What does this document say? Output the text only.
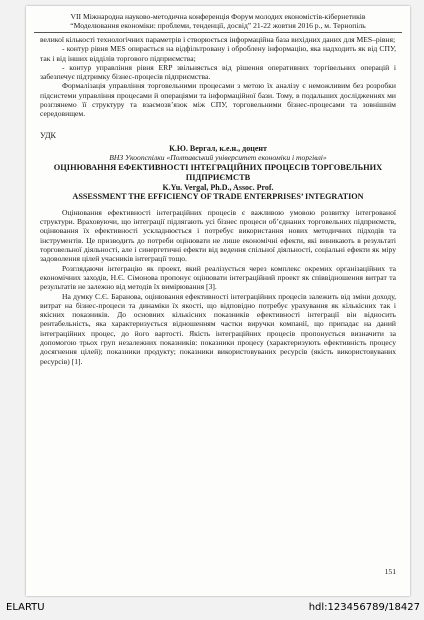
VII Міжнародна науково-методична конференція Форум молодих економістів-кібернетиків
“Моделювання економіки: проблеми, тенденції, досвід” 21-22 жовтня 2016 р., м. Тернопіль

великої кількості технологічних параметрів і створюється інформаційна база вихідних даних для MES–рівня;

- контур рівня MES опирається на відфільтровану і оброблену інформацію, яка надходить як від СПУ, так і від інших відділів торгового підприємства;

- контур управління рівня ERP звільняється від рішення оперативних торгівельних операцій і забезпечує підтримку бізнес-процесів підприємства.

Формалізація управління торговельними процесами з метою їх аналізу є неможливим без розробки підсистеми управління процесами й операціями та інформаційної бази. Тому, в подальших дослідженнях ми розглянемо її структуру та взаємозв’язок між СПУ, торговельними бізнес-процесами та зовнішнім середовищем.

УДК
К.Ю. Вергал, к.е.н., доцент
ВНЗ Укоопспілки «Полтавський університет економіки і торгівлі»
ОЦІНЮВАННЯ ЕФЕКТИВНОСТІ ІНТЕГРАЦІЙНИХ ПРОЦЕСІВ ТОРГОВЕЛЬНИХ ПІДПРИЄМСТВ
K.Yu. Vergal, Ph.D., Assoc. Prof.
ASSESSMENT THE EFFICIENCY OF TRADE ENTERPRISES’ INTEGRATION

Оцінювання ефективності інтеграційних процесів є важливою умовою розвитку інтегрованої структури. Враховуючи, що інтеграції підлягають усі бізнес процеси об’єднаних торговельних підприємств, оцінювання їх ефективності ускладнюється і потребує використання нових методичних підходів та інструментів. Це призводить до потреби оцінювати не лише економічні ефекти, які виникають в результаті торговельної діяльності, але і синергетичні ефекти від ведення спільної діяльності, соціальні ефекти як міру задоволення цілей учасників інтеграції тощо.

Розглядаючи інтеграцію як проект, який реалізується через комплекс окремих організаційних та економічних заходів, Н.Є. Сімонова пропонує оцінювати інтеграційний проект як співвідношення витрат та результатів не залежно від методів їх вимірювання [3].

На думку С.Є. Баранова, оцінювання ефективності інтеграційних процесів залежить від зміни доходу, витрат на бізнес-процеси та динаміки їх якості, що відповідно потребує урахування як кількісних так і якісних показників. До основних кількісних показників ефективності інтеграції він відносить рентабельність, яка характеризується відношенням частки виручки компанії, що припадає на даний інтеграційних процес, до його вартості. Якість інтеграційних процесів пропонується визначити за допомогою трьох груп незалежних показників: показники процесу (характеризують ефективність процесу досягнення цілей); показники продукту; показники використовуваних ресурсів (якість використовуваних ресурсів) [1].

151
ELARTU	hdl:123456789/18427
